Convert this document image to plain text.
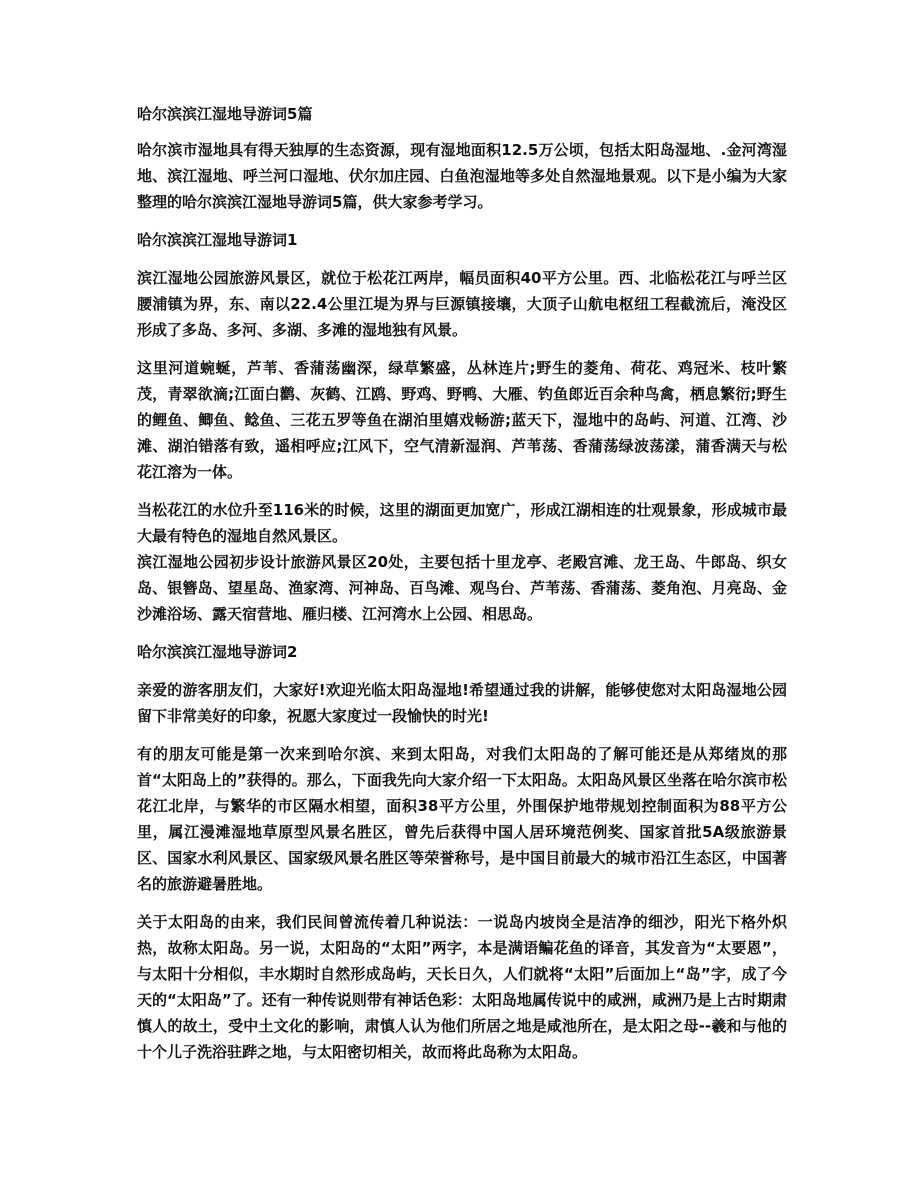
哈尔滨滨江湿地导游词5篇
哈尔滨市湿地具有得天独厚的生态资源，现有湿地面积12.5万公顷，包括太阳岛湿地、.金河湾湿地、滨江湿地、呼兰河口湿地、伏尔加庄园、白鱼泡湿地等多处自然湿地景观。以下是小编为大家整理的哈尔滨滨江湿地导游词5篇，供大家参考学习。
哈尔滨滨江湿地导游词1
滨江湿地公园旅游风景区，就位于松花江两岸，幅员面积40平方公里。西、北临松花江与呼兰区腰浦镇为界，东、南以22.4公里江堤为界与巨源镇接壤，大顶子山航电枢纽工程截流后，淹没区形成了多岛、多河、多湖、多滩的湿地独有风景。
这里河道蜿蜒，芦苇、香蒲荡幽深，绿草繁盛，丛林连片;野生的菱角、荷花、鸡冠米、枝叶繁茂，青翠欲滴;江面白鹳、灰鹤、江鸥、野鸡、野鸭、大雁、钓鱼郎近百余种鸟禽，栖息繁衍;野生的鲤鱼、鲫鱼、鲶鱼、三花五罗等鱼在湖泊里嬉戏畅游;蓝天下，湿地中的岛屿、河道、江湾、沙滩、湖泊错落有致，遥相呼应;江风下，空气清新湿润、芦苇荡、香蒲荡绿波荡漾，蒲香满天与松花江溶为一体。
当松花江的水位升至116米的时候，这里的湖面更加宽广，形成江湖相连的壮观景象，形成城市最大最有特色的湿地自然风景区。
滨江湿地公园初步设计旅游风景区20处，主要包括十里龙亭、老殿宫滩、龙王岛、牛郎岛、织女岛、银簪岛、望星岛、渔家湾、河神岛、百鸟滩、观鸟台、芦苇荡、香蒲荡、菱角泡、月亮岛、金沙滩浴场、露天宿营地、雁归楼、江河湾水上公园、相思岛。
哈尔滨滨江湿地导游词2
亲爱的游客朋友们，大家好!欢迎光临太阳岛湿地!希望通过我的讲解，能够使您对太阳岛湿地公园留下非常美好的印象，祝愿大家度过一段愉快的时光!
有的朋友可能是第一次来到哈尔滨、来到太阳岛，对我们太阳岛的了解可能还是从郑绪岚的那首“太阳岛上的”获得的。那么，下面我先向大家介绍一下太阳岛。太阳岛风景区坐落在哈尔滨市松花江北岸，与繁华的市区隔水相望，面积38平方公里，外围保护地带规划控制面积为88平方公里，属江漫滩湿地草原型风景名胜区，曾先后获得中国人居环境范例奖、国家首批5A级旅游景区、国家水利风景区、国家级风景名胜区等荣誉称号，是中国目前最大的城市沿江生态区，中国著名的旅游避暑胜地。
关于太阳岛的由来，我们民间曾流传着几种说法：一说岛内坡岗全是洁净的细沙，阳光下格外炽热，故称太阳岛。另一说，太阳岛的“太阳”两字，本是满语鳊花鱼的译音，其发音为“太要恩”，与太阳十分相似，丰水期时自然形成岛屿，天长日久，人们就将“太阳”后面加上“岛”字，成了今天的“太阳岛”了。还有一种传说则带有神话色彩：太阳岛地属传说中的咸洲，咸洲乃是上古时期肃慎人的故土，受中土文化的影响，肃慎人认为他们所居之地是咸池所在，是太阳之母--羲和与他的十个儿子洗浴驻跸之地，与太阳密切相关，故而将此岛称为太阳岛。
